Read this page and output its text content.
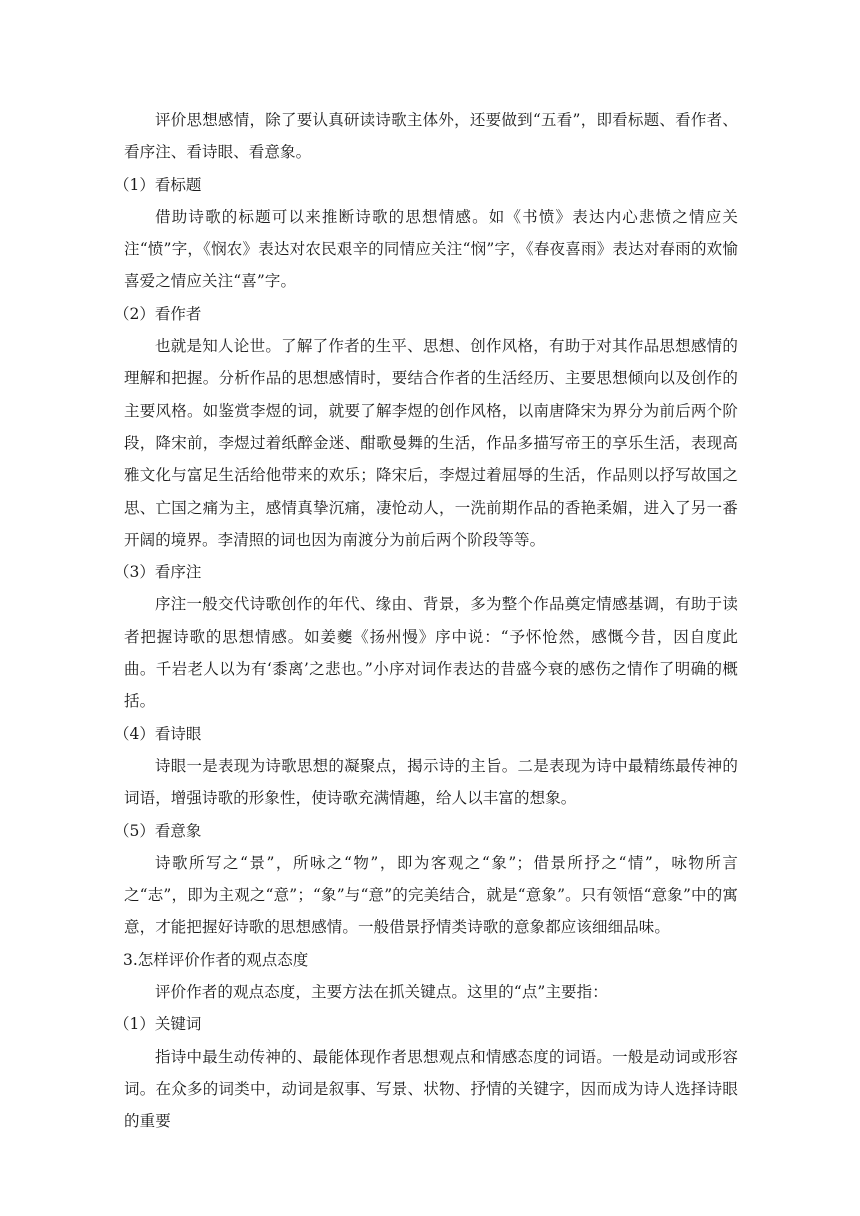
评价思想感情，除了要认真研读诗歌主体外，还要做到“五看”，即看标题、看作者、看序注、看诗眼、看意象。

（1）看标题

借助诗歌的标题可以来推断诗歌的思想情感。如《书愤》表达内心悲愤之情应关注“愤”字，《悯农》表达对农民艰辛的同情应关注“悯”字，《春夜喜雨》表达对春雨的欢愉喜爱之情应关注“喜”字。

（2）看作者

也就是知人论世。了解了作者的生平、思想、创作风格，有助于对其作品思想感情的理解和把握。分析作品的思想感情时，要结合作者的生活经历、主要思想倾向以及创作的主要风格。如鉴赏李煜的词，就要了解李煜的创作风格，以南唐降宋为界分为前后两个阶段，降宋前，李煜过着纸醉金迷、酣歌曼舞的生活，作品多描写帝王的享乐生活，表现高雅文化与富足生活给他带来的欢乐；降宋后，李煜过着屈辱的生活，作品则以抒写故国之思、亡国之痛为主，感情真挚沉痛，凄怆动人，一洗前期作品的香艳柔媚，进入了另一番开阔的境界。李清照的词也因为南渡分为前后两个阶段等等。

（3）看序注

序注一般交代诗歌创作的年代、缘由、背景，多为整个作品奠定情感基调，有助于读者把握诗歌的思想情感。如姜夔《扬州慢》序中说：“予怀怆然，感慨今昔，因自度此曲。千岩老人以为有‘黍离’之悲也。”小序对词作表达的昔盛今衰的感伤之情作了明确的概括。

（4）看诗眼

诗眼一是表现为诗歌思想的凝聚点，揭示诗的主旨。二是表现为诗中最精练最传神的词语，增强诗歌的形象性，使诗歌充满情趣，给人以丰富的想象。

（5）看意象

诗歌所写之“景”，所咏之“物”，即为客观之“象”；借景所抒之“情”，咏物所言之“志”，即为主观之“意”；“象”与“意”的完美结合，就是“意象”。只有领悟“意象”中的寓意，才能把握好诗歌的思想感情。一般借景抒情类诗歌的意象都应该细细品味。

3.怎样评价作者的观点态度

评价作者的观点态度，主要方法在抓关键点。这里的“点”主要指：

（1）关键词

指诗中最生动传神的、最能体现作者思想观点和情感态度的词语。一般是动词或形容词。在众多的词类中，动词是叙事、写景、状物、抒情的关键字，因而成为诗人选择诗眼的重要
